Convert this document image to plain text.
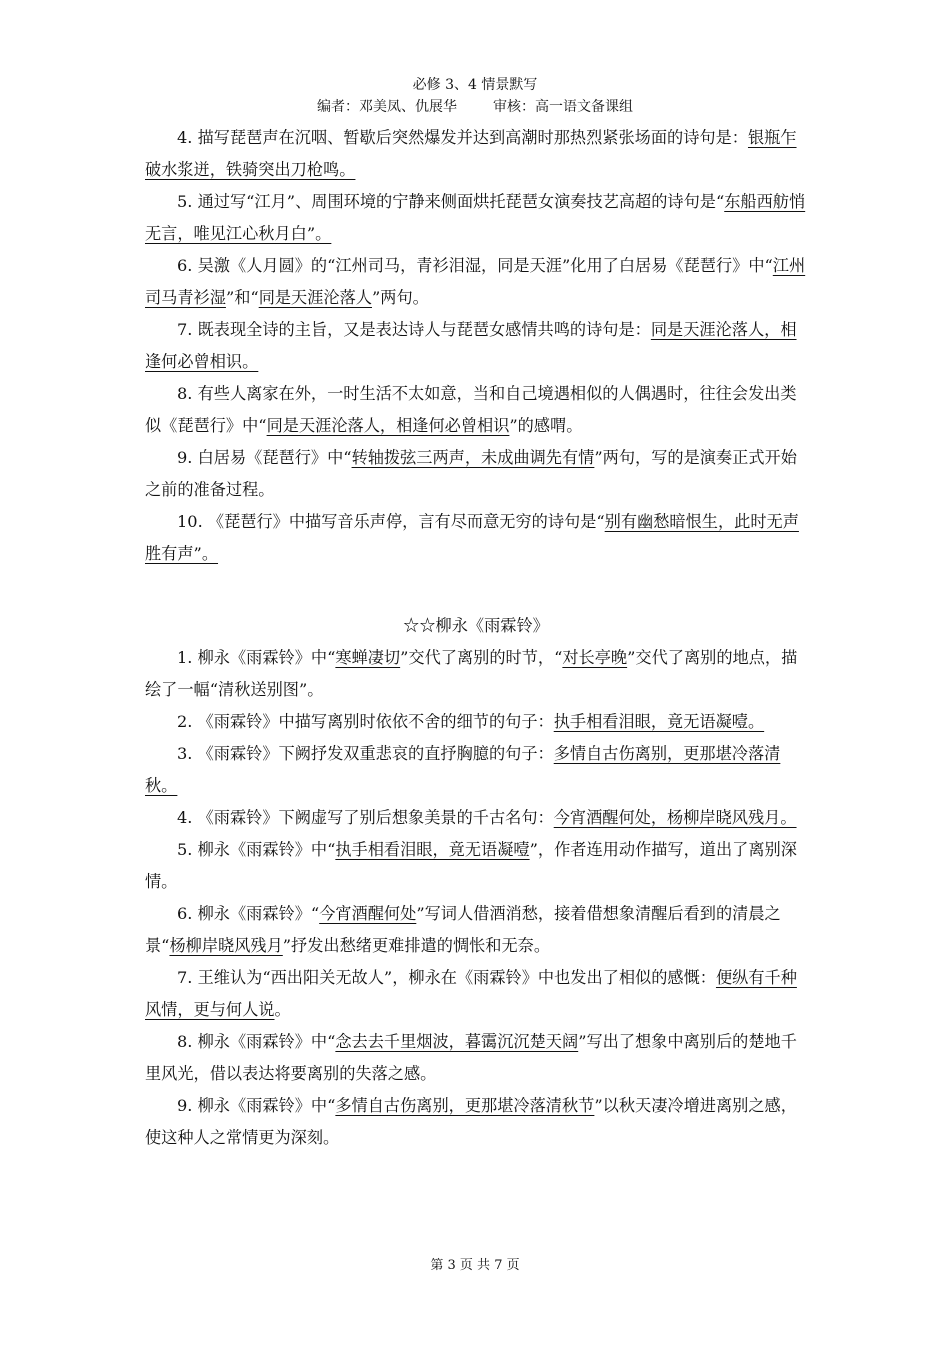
必修 3、4 情景默写
编者：邓美凤、仇展华	审核：高一语文备课组

4. 描写琵琶声在沉咽、暂歇后突然爆发并达到高潮时那热烈紧张场面的诗句是：银瓶乍破水浆迸，铁骑突出刀枪鸣。

5. 通过写“江月”、周围环境的宁静来侧面烘托琵琶女演奏技艺高超的诗句是“东船西舫悄无言，唯见江心秋月白”。

6. 吴激《人月圆》的“江州司马，青衫泪湿，同是天涯”化用了白居易《琵琶行》中“江州司马青衫湿”和“同是天涯沦落人”两句。

7. 既表现全诗的主旨，又是表达诗人与琵琶女感情共鸣的诗句是：同是天涯沦落人，相逢何必曾相识。

8. 有些人离家在外，一时生活不太如意，当和自己境遇相似的人偶遇时，往往会发出类似《琵琶行》中“同是天涯沦落人，相逢何必曾相识”的感喟。

9. 白居易《琵琶行》中“转轴拨弦三两声，未成曲调先有情”两句，写的是演奏正式开始之前的准备过程。

10. 《琵琶行》中描写音乐声停，言有尽而意无穷的诗句是“别有幽愁暗恨生，此时无声胜有声”。

☆☆柳永《雨霖铃》

1. 柳永《雨霖铃》中“寒蝉凄切”交代了离别的时节，“对长亭晚”交代了离别的地点，描绘了一幅“清秋送别图”。

2. 《雨霖铃》中描写离别时依依不舍的细节的句子：执手相看泪眼，竟无语凝噎。

3. 《雨霖铃》下阙抒发双重悲哀的直抒胸臆的句子：多情自古伤离别，更那堪冷落清秋。

4. 《雨霖铃》下阙虚写了别后想象美景的千古名句：今宵酒醒何处，杨柳岸晓风残月。

5. 柳永《雨霖铃》中“执手相看泪眼，竟无语凝噎”，作者连用动作描写，道出了离别深情。

6. 柳永《雨霖铃》“今宵酒醒何处”写词人借酒消愁，接着借想象清醒后看到的清晨之景“杨柳岸晓风残月”抒发出愁绪更难排遣的惆怅和无奈。

7. 王维认为“西出阳关无故人”，柳永在《雨霖铃》中也发出了相似的感慨：便纵有千种风情，更与何人说。

8. 柳永《雨霖铃》中“念去去千里烟波，暮霭沉沉楚天阔”写出了想象中离别后的楚地千里风光，借以表达将要离别的失落之感。

9. 柳永《雨霖铃》中“多情自古伤离别，更那堪冷落清秋节”以秋天凄冷增进离别之感，使这种人之常情更为深刻。

第 3 页 共 7 页
